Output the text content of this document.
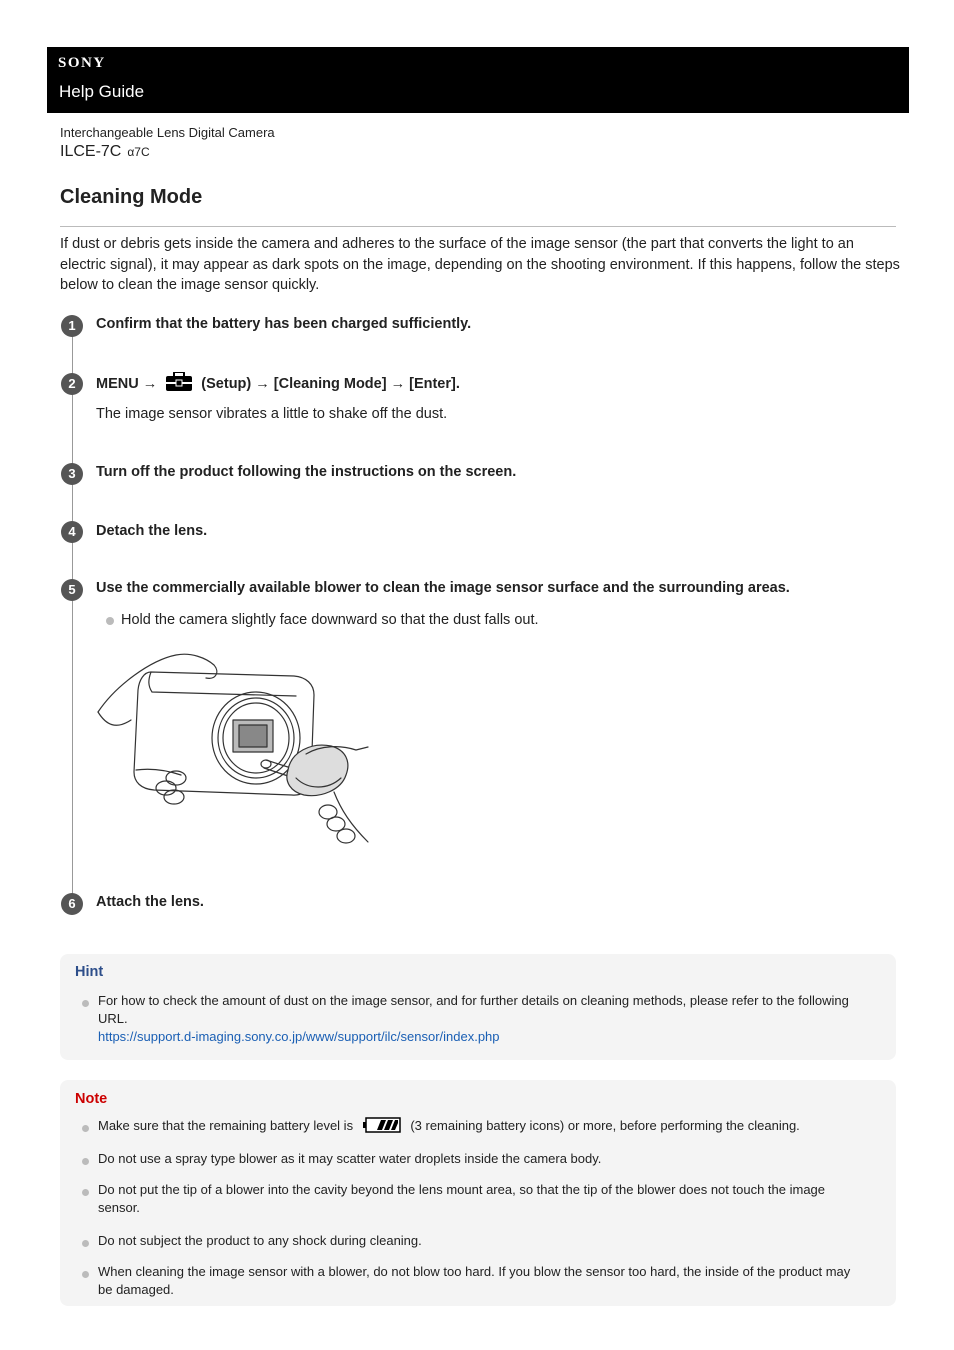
SONY
Help Guide
Interchangeable Lens Digital Camera
ILCE-7C α7C
Cleaning Mode
If dust or debris gets inside the camera and adheres to the surface of the image sensor (the part that converts the light to an electric signal), it may appear as dark spots on the image, depending on the shooting environment. If this happens, follow the steps below to clean the image sensor quickly.
1	Confirm that the battery has been charged sufficiently.
2	MENU →	(Setup) → [Cleaning Mode] → [Enter].
The image sensor vibrates a little to shake off the dust.
3	Turn off the product following the instructions on the screen.
4	Detach the lens.
5	Use the commercially available blower to clean the image sensor surface and the surrounding areas.
Hold the camera slightly face downward so that the dust falls out.
6	Attach the lens.
Hint
For how to check the amount of dust on the image sensor, and for further details on cleaning methods, please refer to the following URL.
https://support.d-imaging.sony.co.jp/www/support/ilc/sensor/index.php
Note
Make sure that the remaining battery level is	(3 remaining battery icons) or more, before performing the cleaning.
Do not use a spray type blower as it may scatter water droplets inside the camera body.
Do not put the tip of a blower into the cavity beyond the lens mount area, so that the tip of the blower does not touch the image sensor.
Do not subject the product to any shock during cleaning.
When cleaning the image sensor with a blower, do not blow too hard. If you blow the sensor too hard, the inside of the product may be damaged.
